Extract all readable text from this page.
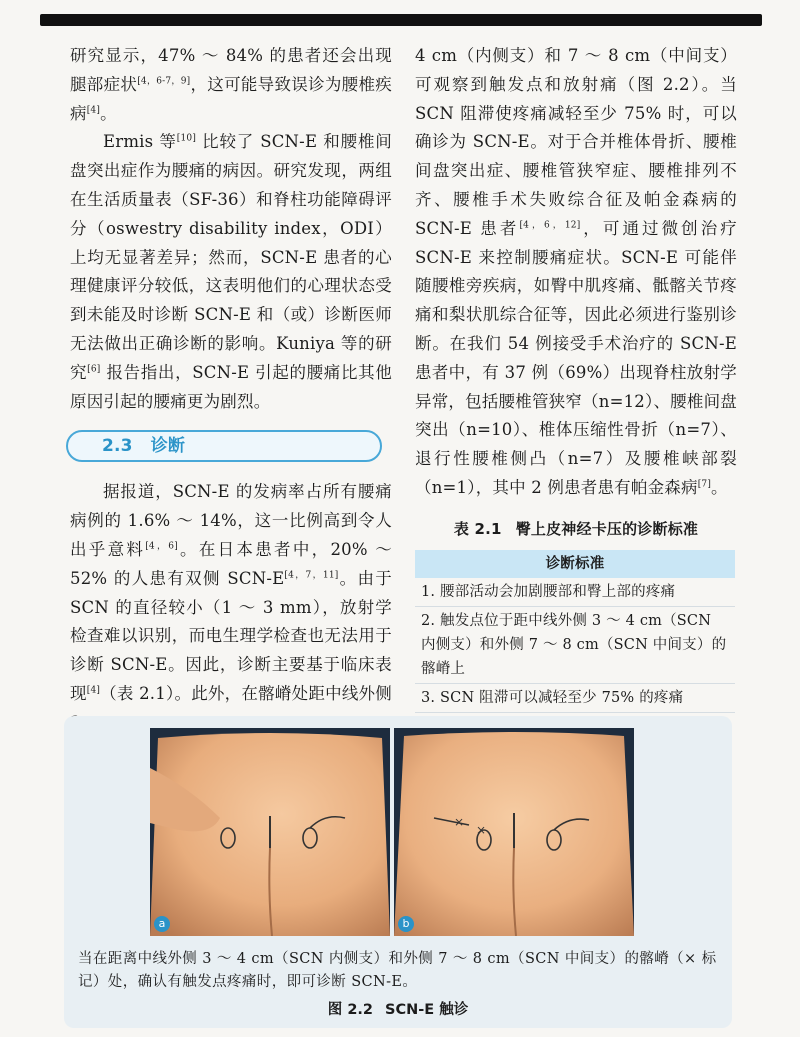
研究显示，47% ～ 84% 的患者还会出现腿部症状[4，6-7，9]，这可能导致误诊为腰椎疾病[4]。

Ermis 等[10] 比较了 SCN-E 和腰椎间盘突出症作为腰痛的病因。研究发现，两组在生活质量表（SF-36）和脊柱功能障碍评分（oswestry disability index，ODI）上均无显著差异；然而，SCN-E 患者的心理健康评分较低，这表明他们的心理状态受到未能及时诊断 SCN-E 和（或）诊断医师无法做出正确诊断的影响。Kuniya 等的研究[6] 报告指出，SCN-E 引起的腰痛比其他原因引起的腰痛更为剧烈。

2.3 诊断

据报道，SCN-E 的发病率占所有腰痛病例的 1.6% ～ 14%，这一比例高到令人出乎意料[4，6]。在日本患者中，20% ～ 52% 的人患有双侧 SCN-E[4，7，11]。由于 SCN 的直径较小（1 ～ 3 mm），放射学检查难以识别，而电生理学检查也无法用于诊断 SCN-E。因此，诊断主要基于临床表现[4]（表 2.1）。此外，在髂嵴处距中线外侧

4 cm（内侧支）和 7 ～ 8 cm（中间支）可观察到触发点和放射痛（图 2.2）。当 SCN 阻滞使疼痛减轻至少 75% 时，可以确诊为 SCN-E。对于合并椎体骨折、腰椎间盘突出症、腰椎管狭窄症、腰椎排列不齐、腰椎手术失败综合征及帕金森病的 SCN-E 患者[4，6，12]，可通过微创治疗 SCN-E 来控制腰痛症状。SCN-E 可能伴随腰椎旁疾病，如臀中肌疼痛、骶髂关节疼痛和梨状肌综合征等，因此必须进行鉴别诊断。在我们 54 例接受手术治疗的 SCN-E 患者中，有 37 例（69%）出现脊柱放射学异常，包括腰椎管狭窄（n=12）、腰椎间盘突出（n=10）、椎体压缩性骨折（n=7）、退行性腰椎侧凸（n=7）及腰椎峡部裂（n=1），其中 2 例患者患有帕金森病[7]。

表 2.1 臀上皮神经卡压的诊断标准
诊断标准
1. 腰部活动会加剧腰部和臀上部的疼痛
2. 触发点位于距中线外侧 3 ～ 4 cm（SCN 内侧支）和外侧 7 ～ 8 cm（SCN 中间支）的髂嵴上
3. SCN 阻滞可以减轻至少 75% 的疼痛
a
×
×
b
当在距离中线外侧 3 ～ 4 cm（SCN 内侧支）和外侧 7 ～ 8 cm（SCN 中间支）的髂嵴（× 标记）处，确认有触发点疼痛时，即可诊断 SCN-E。
图 2.2 SCN-E 触诊
